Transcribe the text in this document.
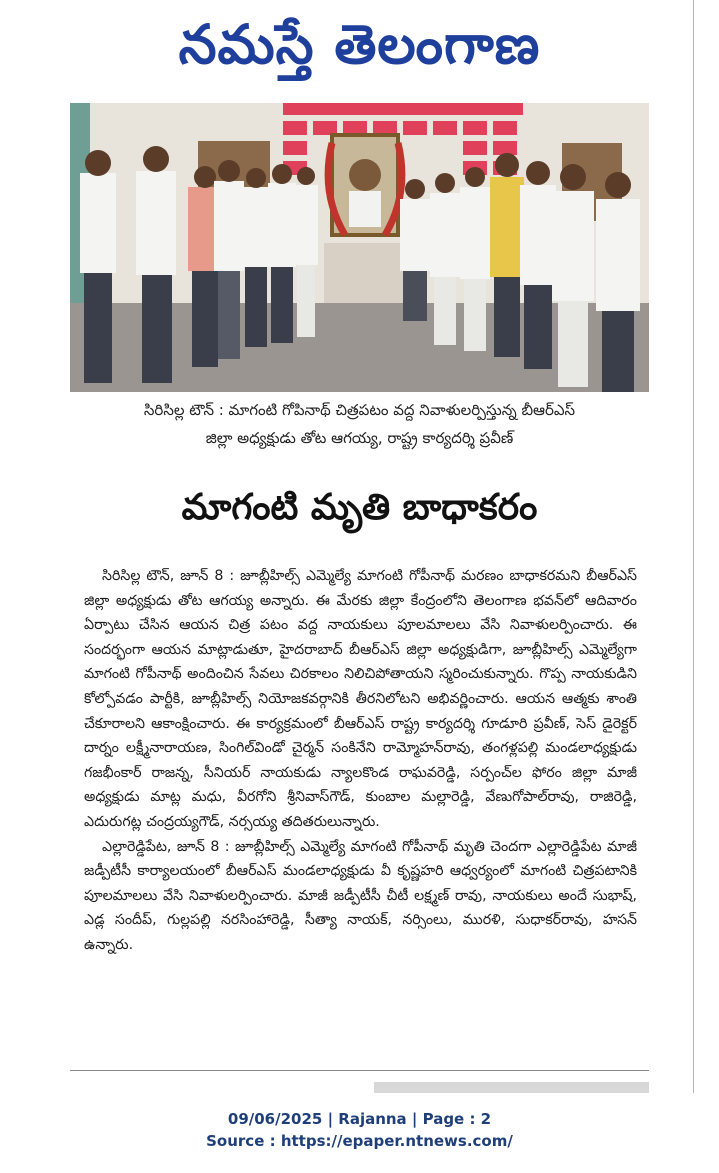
నమస్తే తెలంగాణ
సిరిసిల్ల టౌన్ : మాగంటి గోపినాథ్ చిత్రపటం వద్ద నివాళులర్పిస్తున్న బీఆర్ఎస్
జిల్లా అధ్యక్షుడు తోట ఆగయ్య, రాష్ట్ర కార్యదర్శి ప్రవీణ్
మాగంటి మృతి బాధాకరం

సిరిసిల్ల టౌన్, జూన్ 8 : జూబ్లీహిల్స్ ఎమ్మెల్యే మాగంటి గోపీనాథ్ మరణం బాధాకరమని బీఆర్ఎస్ జిల్లా అధ్యక్షుడు తోట ఆగయ్య అన్నారు. ఈ మేరకు జిల్లా కేంద్రంలోని తెలంగాణ భవన్‌లో ఆదివారం ఏర్పాటు చేసిన ఆయన చిత్ర పటం వద్ద నాయకులు పూలమాలలు వేసి నివాళులర్పించారు. ఈ సందర్భంగా ఆయన మాట్లాడుతూ, హైదరాబాద్ బీఆర్ఎస్ జిల్లా అధ్యక్షుడిగా, జూబ్లీహిల్స్ ఎమ్మెల్యేగా మాగంటి గోపీనాథ్ అందించిన సేవలు చిరకాలం నిలిచిపోతాయని స్మరించుకున్నారు. గొప్ప నాయకుడిని కోల్పోవడం పార్టీకి, జూబ్లీహిల్స్ నియోజకవర్గానికి తీరనిలోటని అభివర్ణించారు. ఆయన ఆత్మకు శాంతి చేకూరాలని ఆకాంక్షించారు. ఈ కార్యక్రమంలో బీఆర్ఎస్ రాష్ట్ర కార్యదర్శి గూడూరి ప్రవీణ్, సెస్ డైరెక్టర్ దార్నం లక్ష్మీనారాయణ, సింగిల్‌విండో చైర్మన్ సంకినేని రామ్మోహన్‌రావు, తంగళ్లపల్లి మండలాధ్యక్షుడు గజభీంకార్ రాజన్న, సీనియర్ నాయకుడు న్యాలకొండ రాఘవరెడ్డి, సర్పంచ్‌ల ఫోరం జిల్లా మాజీ అధ్యక్షుడు మాట్ల మధు, వీరగోని శ్రీనివాస్‌గౌడ్, కుంబాల మల్లారెడ్డి, వేణుగోపాల్‌రావు, రాజిరెడ్డి, ఎదురుగట్ల చంద్రయ్యగౌడ్, నర్సయ్య తదితరులున్నారు.

ఎల్లారెడ్డిపేట, జూన్ 8 : జూబ్లీహిల్స్ ఎమ్మెల్యే మాగంటి గోపీనాథ్ మృతి చెందగా ఎల్లారెడ్డిపేట మాజీ జడ్పీటీసీ కార్యాలయంలో బీఆర్ఎస్ మండలాధ్యక్షుడు వీ కృష్ణహరి ఆధ్వర్యంలో మాగంటి చిత్రపటానికి పూలమాలలు వేసి నివాళులర్పించారు. మాజీ జడ్పీటీసీ చీటీ లక్ష్మణ్ రావు, నాయకులు అందే సుభాష్, ఎడ్ల సందీప్, గుల్లపల్లి నరసింహారెడ్డి, సీత్యా నాయక్, నర్సింలు, మురళి, సుధాకర్‌రావు, హసన్ ఉన్నారు.

09/06/2025 | Rajanna | Page : 2
Source : https://epaper.ntnews.com/
